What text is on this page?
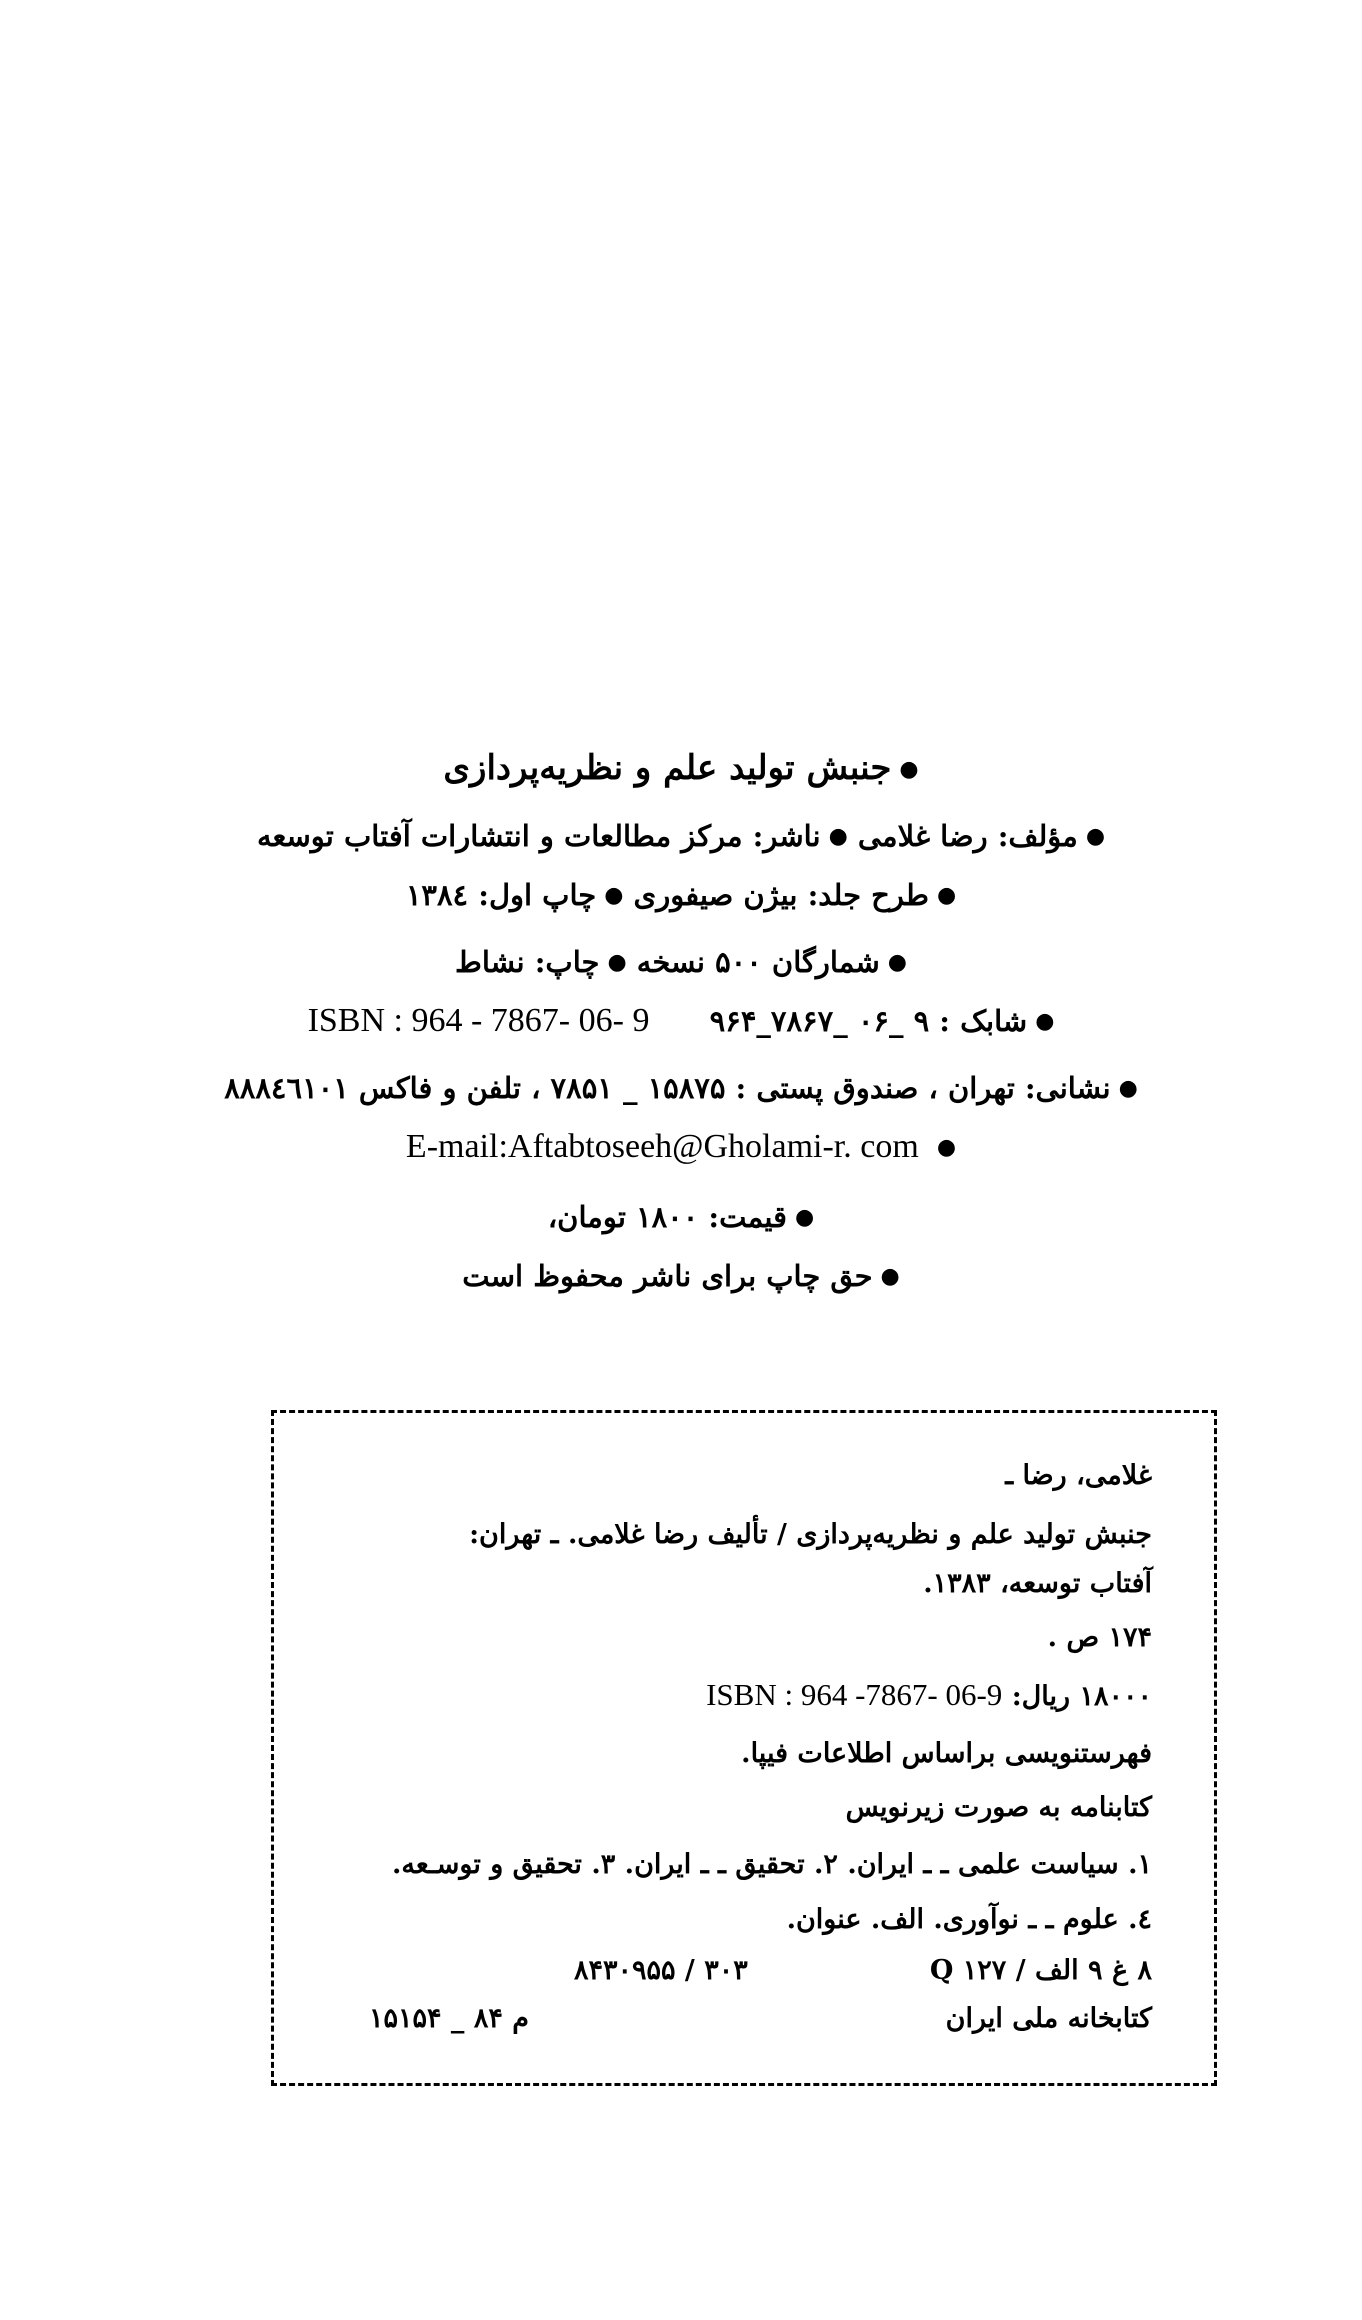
●جنبش تولید علم و نظریه‌پردازی
●مؤلف: رضا غلامی ●ناشر: مرکز مطالعات و انتشارات آفتاب توسعه
●طرح جلد: بیژن صیفوری ●چاپ اول: ۱۳۸٤
●شمارگان ۵۰۰ نسخه ●چاپ: نشاط
●شابک : ۹ _۰۶ _۷۸۶۷_۹۶۴  ISBN : 964 - 7867- 06- 9
●نشانی: تهران ، صندوق پستی : ۱۵۸۷۵ _ ۷۸۵۱ ، تلفن و فاکس ۸۸۸٤٦۱۰۱
● E-mail:Aftabtoseeh@Gholami-r. com
●قیمت: ۱۸۰۰ تومان،
●حق چاپ برای ناشر محفوظ است
غلامی، رضا ـ
جنبش تولید علم و نظریه‌پردازی / تألیف رضا غلامی. ـ تهران:
آفتاب توسعه، ۱۳۸۳.
۱۷۴ ص .
۱۸۰۰۰ ریال: ISBN : 964 -7867- 06-9
فهرستنویسی براساس اطلاعات فیپا.
کتابنامه به صورت زیرنویس
۱. سیاست علمی ـ ـ ایران. ۲. تحقیق ـ ـ ایران. ۳. تحقیق و توسـعه.
٤. علوم ـ ـ نوآوری. الف. عنوان.
۸ غ ۹ الف / ۱۲۷ Q
۳۰۳ / ۸۴۳۰۹۵۵
کتابخانه ملی ایران
م ۸۴ _ ۱۵۱۵۴
